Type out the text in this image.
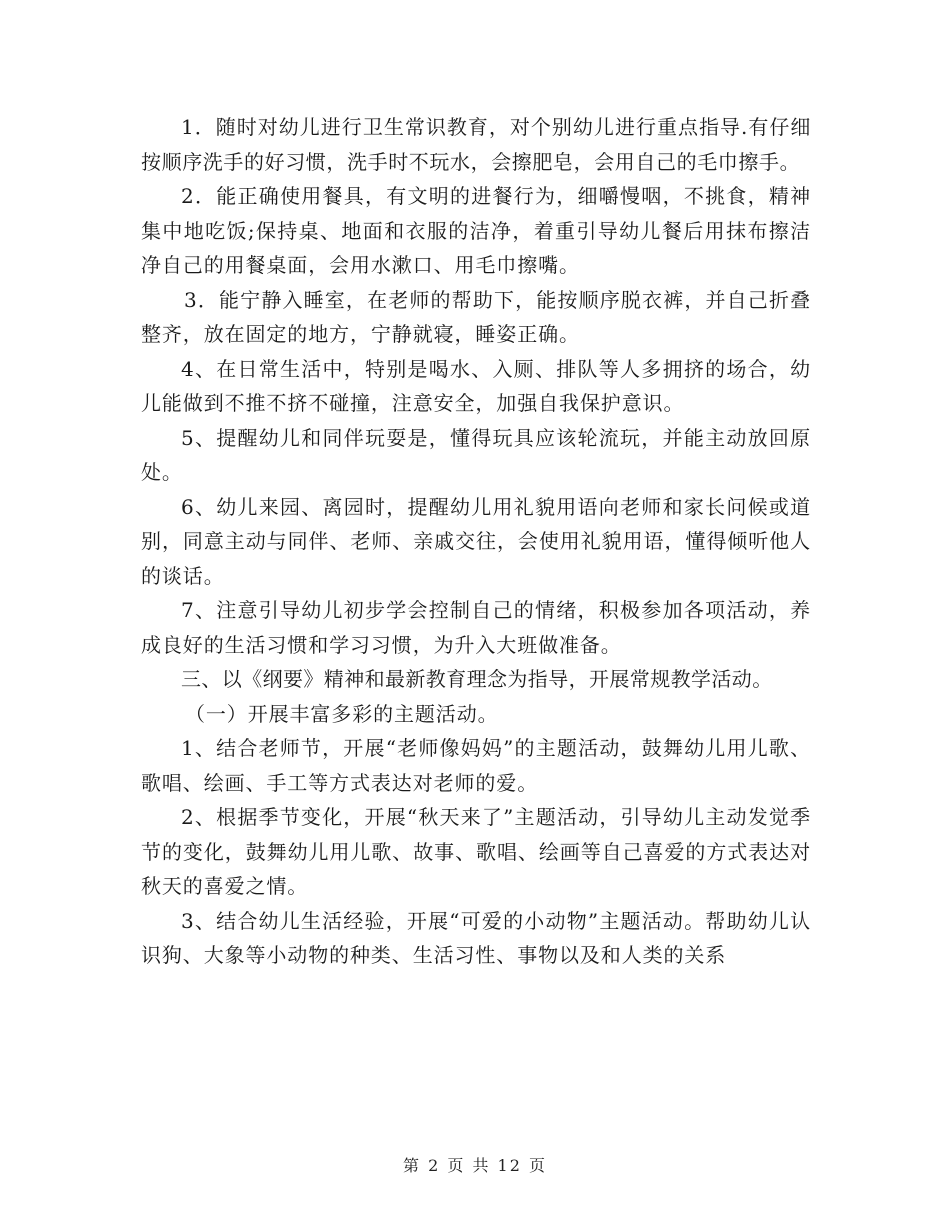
1．随时对幼儿进行卫生常识教育，对个别幼儿进行重点指导.有仔细按顺序洗手的好习惯，洗手时不玩水，会擦肥皂，会用自己的毛巾擦手。

2．能正确使用餐具，有文明的进餐行为，细嚼慢咽，不挑食，精神集中地吃饭;保持桌、地面和衣服的洁净，着重引导幼儿餐后用抹布擦洁净自己的用餐桌面，会用水漱口、用毛巾擦嘴。

3．能宁静入睡室，在老师的帮助下，能按顺序脱衣裤，并自己折叠整齐，放在固定的地方，宁静就寝，睡姿正确。

4、在日常生活中，特别是喝水、入厕、排队等人多拥挤的场合，幼儿能做到不推不挤不碰撞，注意安全，加强自我保护意识。

5、提醒幼儿和同伴玩耍是，懂得玩具应该轮流玩，并能主动放回原处。

6、幼儿来园、离园时，提醒幼儿用礼貌用语向老师和家长问候或道别，同意主动与同伴、老师、亲戚交往，会使用礼貌用语，懂得倾听他人的谈话。

7、注意引导幼儿初步学会控制自己的情绪，积极参加各项活动，养成良好的生活习惯和学习习惯，为升入大班做准备。

三、以《纲要》精神和最新教育理念为指导，开展常规教学活动。

（一）开展丰富多彩的主题活动。

1、结合老师节，开展“老师像妈妈”的主题活动，鼓舞幼儿用儿歌、歌唱、绘画、手工等方式表达对老师的爱。

2、根据季节变化，开展“秋天来了”主题活动，引导幼儿主动发觉季节的变化，鼓舞幼儿用儿歌、故事、歌唱、绘画等自己喜爱的方式表达对秋天的喜爱之情。

3、结合幼儿生活经验，开展“可爱的小动物”主题活动。帮助幼儿认识狗、大象等小动物的种类、生活习性、事物以及和人类的关系

第 2 页 共 12 页
